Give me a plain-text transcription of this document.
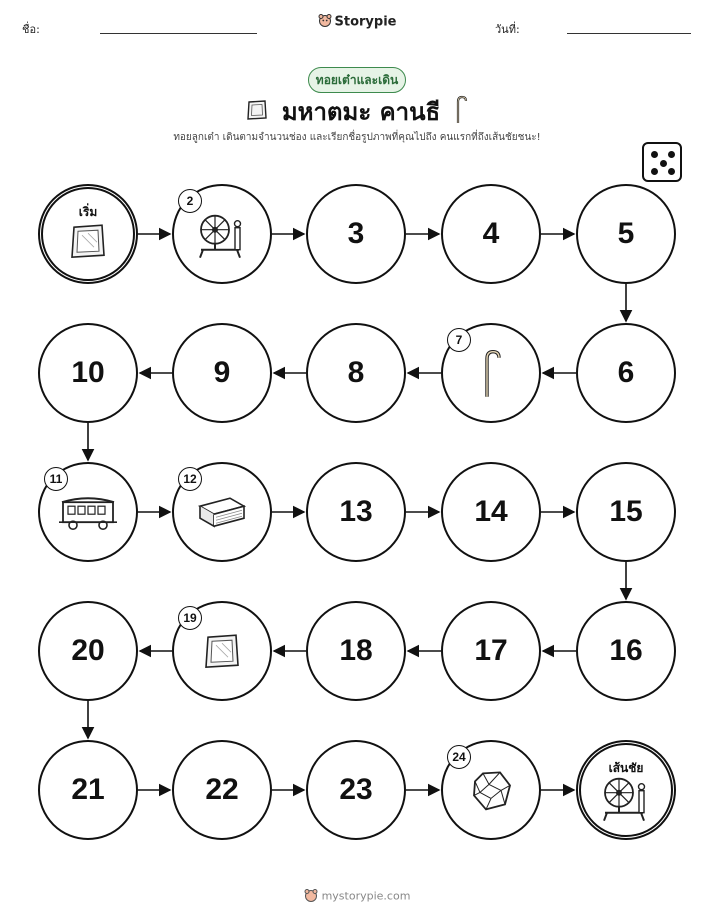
ชื่อ:	Storypie	วันที่:
ทอยเต๋าและเดิน
มหาตมะ คานธี
ทอยลูกเต๋า เดินตามจำนวนช่อง และเรียกชื่อรูปภาพที่คุณไปถึง คนแรกที่ถึงเส้นชัยชนะ!
เริ่ม
2
3	4	5
6
7
8
9
10
11	12
13	14	15
16
17
18
19
20
21	22	23
24
เส้นชัย
mystorypie.com
